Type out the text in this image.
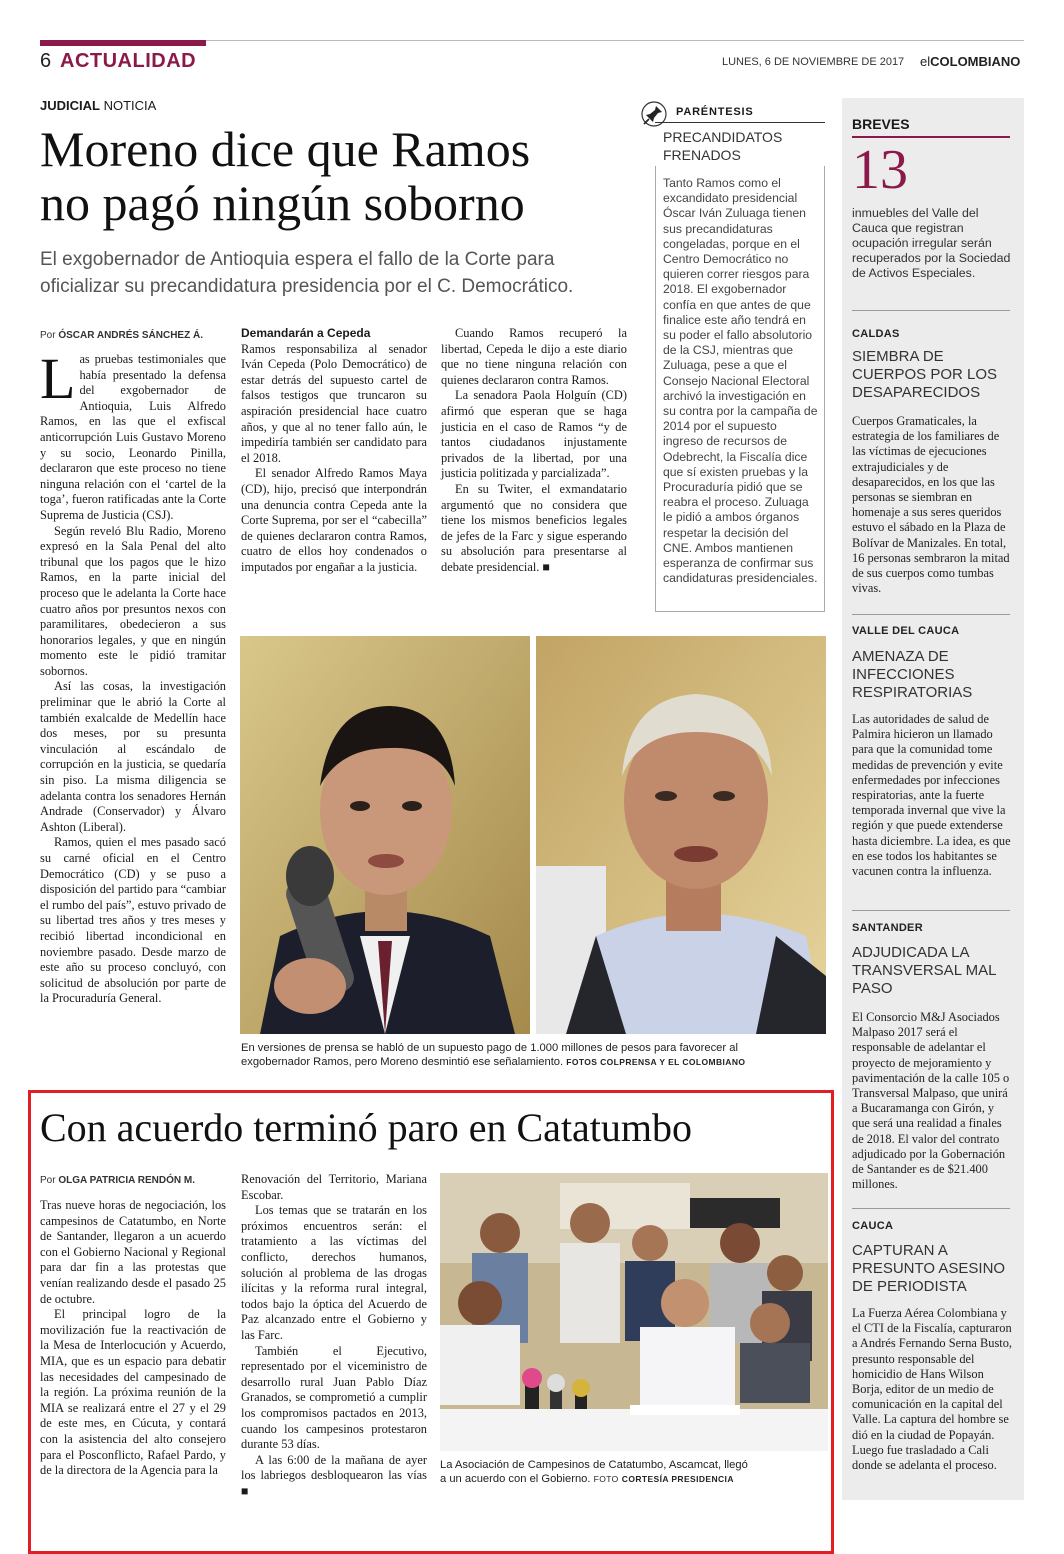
6 ACTUALIDAD	LUNES, 6 DE NOVIEMBRE DE 2017 elCOLOMBIANO
JUDICIAL NOTICIA
Moreno dice que Ramos
no pagó ningún soborno
El exgobernador de Antioquia espera el fallo de la Corte para
oficializar su precandidatura presidencia por el C. Democrático.
Por ÓSCAR ANDRÉS SÁNCHEZ Á.

Las pruebas testimoniales que había presentado la defensa del exgobernador de Antioquia, Luis Alfredo Ramos, en las que el exfiscal anticorrupción Luis Gustavo Moreno y su socio, Leonardo Pinilla, declararon que este proceso no tiene ninguna relación con el ‘cartel de la toga’, fueron ratificadas ante la Corte Suprema de Justicia (CSJ).

Según reveló Blu Radio, Moreno expresó en la Sala Penal del alto tribunal que los pagos que le hizo Ramos, en la parte inicial del proceso que le adelanta la Corte hace cuatro años por presuntos nexos con paramilitares, obedecieron a sus honorarios legales, y que en ningún momento este le pidió tramitar sobornos.

Así las cosas, la investigación preliminar que le abrió la Corte al también exalcalde de Medellín hace dos meses, por su presunta vinculación al escándalo de corrupción en la justicia, se quedaría sin piso. La misma diligencia se adelanta contra los senadores Hernán Andrade (Conservador) y Álvaro Ashton (Liberal).

Ramos, quien el mes pasado sacó su carné oficial en el Centro Democrático (CD) y se puso a disposición del partido para “cambiar el rumbo del país”, estuvo privado de su libertad tres años y tres meses y recibió libertad incondicional en noviembre pasado. Desde marzo de este año su proceso concluyó, con solicitud de absolución por parte de la Procuraduría General.

Demandarán a Cepeda

Ramos responsabiliza al senador Iván Cepeda (Polo Democrático) de estar detrás del supuesto cartel de falsos testigos que truncaron su aspiración presidencial hace cuatro años, y que al no tener fallo aún, le impediría también ser candidato para el 2018.

El senador Alfredo Ramos Maya (CD), hijo, precisó que interpondrán una denuncia contra Cepeda ante la Corte Suprema, por ser el “cabecilla” de quienes declararon contra Ramos, cuatro de ellos hoy condenados o imputados por engañar a la justicia.

Cuando Ramos recuperó la libertad, Cepeda le dijo a este diario que no tiene ninguna relación con quienes declararon contra Ramos.

La senadora Paola Holguín (CD) afirmó que esperan que se haga justicia en el caso de Ramos “y de tantos ciudadanos injustamente privados de la libertad, por una justicia politizada y parcializada”.

En su Twiter, el exmandatario argumentó que no considera que tiene los mismos beneficios legales de jefes de la Farc y sigue esperando su absolución para presentarse al debate presidencial. ■

En versiones de prensa se habló de un supuesto pago de 1.000 millones de pesos para favorecer al
exgobernador Ramos, pero Moreno desmintió ese señalamiento. FOTOS COLPRENSA Y EL COLOMBIANO
PARÉNTESIS
PRECANDIDATOS
FRENADOS
Tanto Ramos como el excandidato presidencial Óscar Iván Zuluaga tienen sus precandidaturas congeladas, porque en el Centro Democrático no quieren correr riesgos para 2018. El exgobernador confía en que antes de que finalice este año tendrá en su poder el fallo absolutorio de la CSJ, mientras que Zuluaga, pese a que el Consejo Nacional Electoral archivó la investigación en su contra por la campaña de 2014 por el supuesto ingreso de recursos de Odebrecht, la Fiscalía dice que sí existen pruebas y la Procuraduría pidió que se reabra el proceso. Zuluaga le pidió a ambos órganos respetar la decisión del CNE. Ambos mantienen esperanza de confirmar sus candidaturas presidenciales.
BREVES
13
inmuebles del Valle del Cauca que registran ocupación irregular serán recuperados por la Sociedad de Activos Especiales.
CALDAS
SIEMBRA DE CUERPOS POR LOS DESAPARECIDOS
Cuerpos Gramaticales, la estrategia de los familiares de las víctimas de ejecuciones extrajudiciales y de desaparecidos, en los que las personas se siembran en homenaje a sus seres queridos estuvo el sábado en la Plaza de Bolívar de Manizales. En total, 16 personas sembraron la mitad de sus cuerpos como tumbas vivas.
VALLE DEL CAUCA
AMENAZA DE INFECCIONES RESPIRATORIAS
Las autoridades de salud de Palmira hicieron un llamado para que la comunidad tome medidas de prevención y evite enfermedades por infecciones respiratorias, ante la fuerte temporada invernal que vive la región y que puede extenderse hasta diciembre. La idea, es que en ese todos los habitantes se vacunen contra la influenza.
SANTANDER
ADJUDICADA LA TRANSVERSAL MAL PASO
El Consorcio M&J Asociados Malpaso 2017 será el responsable de adelantar el proyecto de mejoramiento y pavimentación de la calle 105 o Transversal Malpaso, que unirá a Bucaramanga con Girón, y que será una realidad a finales de 2018. El valor del contrato adjudicado por la Gobernación de Santander es de $21.400 millones.
CAUCA
CAPTURAN A PRESUNTO ASESINO DE PERIODISTA
La Fuerza Aérea Colombiana y el CTI de la Fiscalía, capturaron a Andrés Fernando Serna Busto, presunto responsable del homicidio de Hans Wilson Borja, editor de un medio de comunicación en la capital del Valle. La captura del hombre se dió en la ciudad de Popayán. Luego fue trasladado a Cali donde se adelanta el proceso.
Con acuerdo terminó paro en Catatumbo
Por OLGA PATRICIA RENDÓN M.

Tras nueve horas de negociación, los campesinos de Catatumbo, en Norte de Santander, llegaron a un acuerdo con el Gobierno Nacional y Regional para dar fin a las protestas que venían realizando desde el pasado 25 de octubre.

El principal logro de la movilización fue la reactivación de la Mesa de Interlocución y Acuerdo, MIA, que es un espacio para debatir las necesidades del campesinado de la región. La próxima reunión de la MIA se realizará entre el 27 y el 29 de este mes, en Cúcuta, y contará con la asistencia del alto consejero para el Posconflicto, Rafael Pardo, y de la directora de la Agencia para la

Renovación del Territorio, Mariana Escobar.

Los temas que se tratarán en los próximos encuentros serán: el tratamiento a las víctimas del conflicto, derechos humanos, solución al problema de las drogas ilícitas y la reforma rural integral, todos bajo la óptica del Acuerdo de Paz alcanzado entre el Gobierno y las Farc.

También el Ejecutivo, representado por el viceministro de desarrollo rural Juan Pablo Díaz Granados, se comprometió a cumplir los compromisos pactados en 2013, cuando los campesinos protestaron durante 53 días.

A las 6:00 de la mañana de ayer los labriegos desbloquearon las vías ■

La Asociación de Campesinos de Catatumbo, Ascamcat, llegó
a un acuerdo con el Gobierno. FOTO CORTESÍA PRESIDENCIA
